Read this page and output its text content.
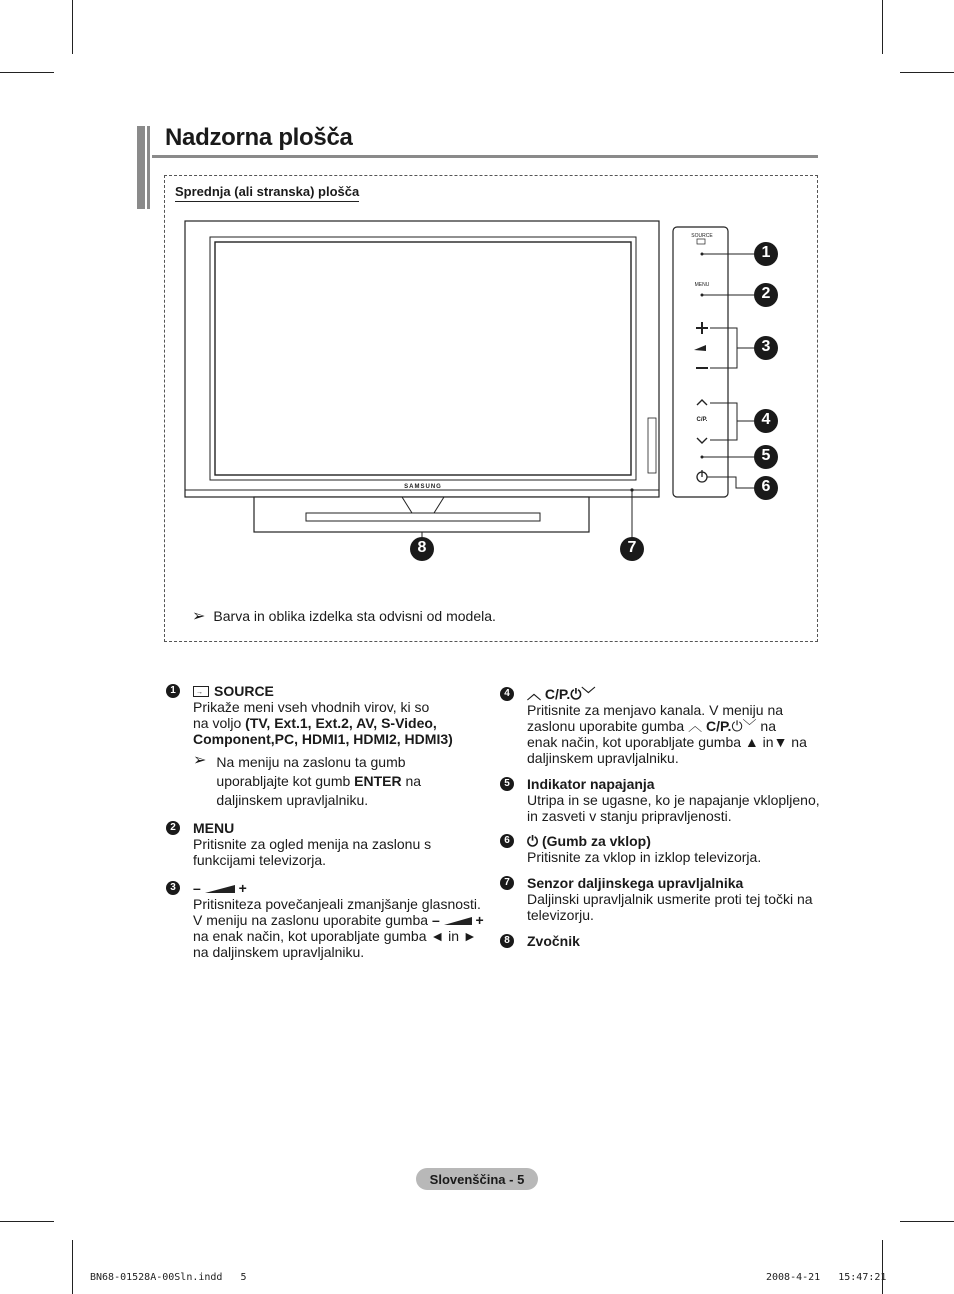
Nadzorna plošča
Sprednja (ali stranska) plošča
SAMSUNG
SOURCE
MENU
C/P.
1
2
3
4
5
6
7
8
➢ Barva in oblika izdelka sta odvisni od modela.
1	→ SOURCE
Prikaže meni vseh vhodnih virov, ki so
na voljo (TV, Ext.1, Ext.2, AV, S-Video,
Component,PC, HDMI1, HDMI2, HDMI3)
➢ Na meniju na zaslonu ta gumb
uporabljajte kot gumb ENTER na
daljinskem upravljalniku.
2	MENU
Pritisnite za ogled menija na zaslonu s
funkcijami televizorja.
3	–	+
Pritisniteza povečanjeali zmanjšanje glasnosti.
V meniju na zaslonu uporabite gumba –	+
na enak način, kot uporabljate gumba ◄ in ►
na daljinskem upravljalniku.
4	︿ C/P.⏻﹀
Pritisnite za menjavo kanala. V meniju na
zaslonu uporabite gumba ︿ C/P.⏻﹀ na
enak način, kot uporabljate gumba ▲ in▼ na
daljinskem upravljalniku.
5	Indikator napajanja
Utripa in se ugasne, ko je napajanje vklopljeno,
in zasveti v stanju pripravljenosti.
6	⏻ (Gumb za vklop)
Pritisnite za vklop in izklop televizorja.
7	Senzor daljinskega upravljalnika
Daljinski upravljalnik usmerite proti tej točki na
televizorju.
8	Zvočnik
Slovenščina - 5
BN68-01528A-00Sln.indd   5	2008-4-21   15:47:21
